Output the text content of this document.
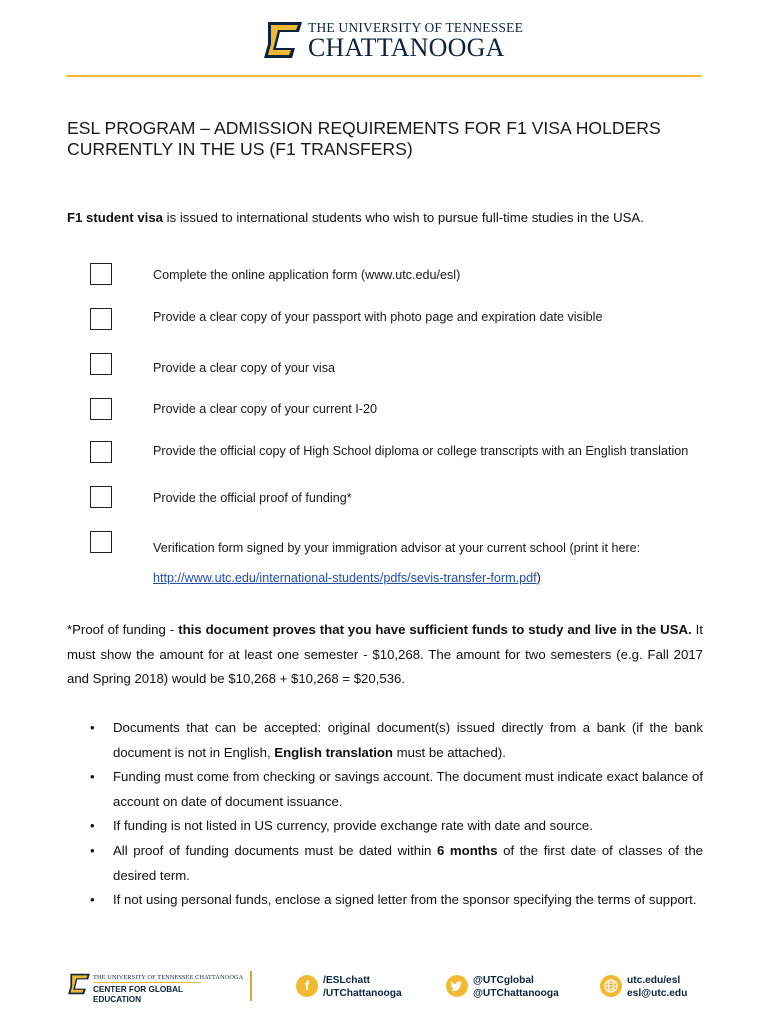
THE UNIVERSITY OF TENNESSEE
CHATTANOOGA
ESL PROGRAM – ADMISSION REQUIREMENTS FOR F1 VISA HOLDERS CURRENTLY IN THE US (F1 TRANSFERS)
F1 student visa is issued to international students who wish to pursue full-time studies in the USA.
Complete the online application form (www.utc.edu/esl)
Provide a clear copy of your passport with photo page and expiration date visible
Provide a clear copy of your visa
Provide a clear copy of your current I-20
Provide the official copy of High School diploma or college transcripts with an English translation
Provide the official proof of funding*
Verification form signed by your immigration advisor at your current school (print it here:
http://www.utc.edu/international-students/pdfs/sevis-transfer-form.pdf)
*Proof of funding - this document proves that you have sufficient funds to study and live in the USA. It must show the amount for at least one semester - $10,268. The amount for two semesters (e.g. Fall 2017 and Spring 2018) would be $10,268 + $10,268 = $20,536.
• Documents that can be accepted: original document(s) issued directly from a bank (if the bank document is not in English, English translation must be attached).
• Funding must come from checking or savings account. The document must indicate exact balance of account on date of document issuance.
• If funding is not listed in US currency, provide exchange rate with date and source.
• All proof of funding documents must be dated within 6 months of the first date of classes of the desired term.
• If not using personal funds, enclose a signed letter from the sponsor specifying the terms of support.
THE UNIVERSITY OF TENNESSEE CHATTANOOGA
CENTER FOR GLOBAL
EDUCATION
f	/ESLchatt
/UTChattanooga
@UTCglobal
@UTChattanooga
utc.edu/esl
esl@utc.edu
